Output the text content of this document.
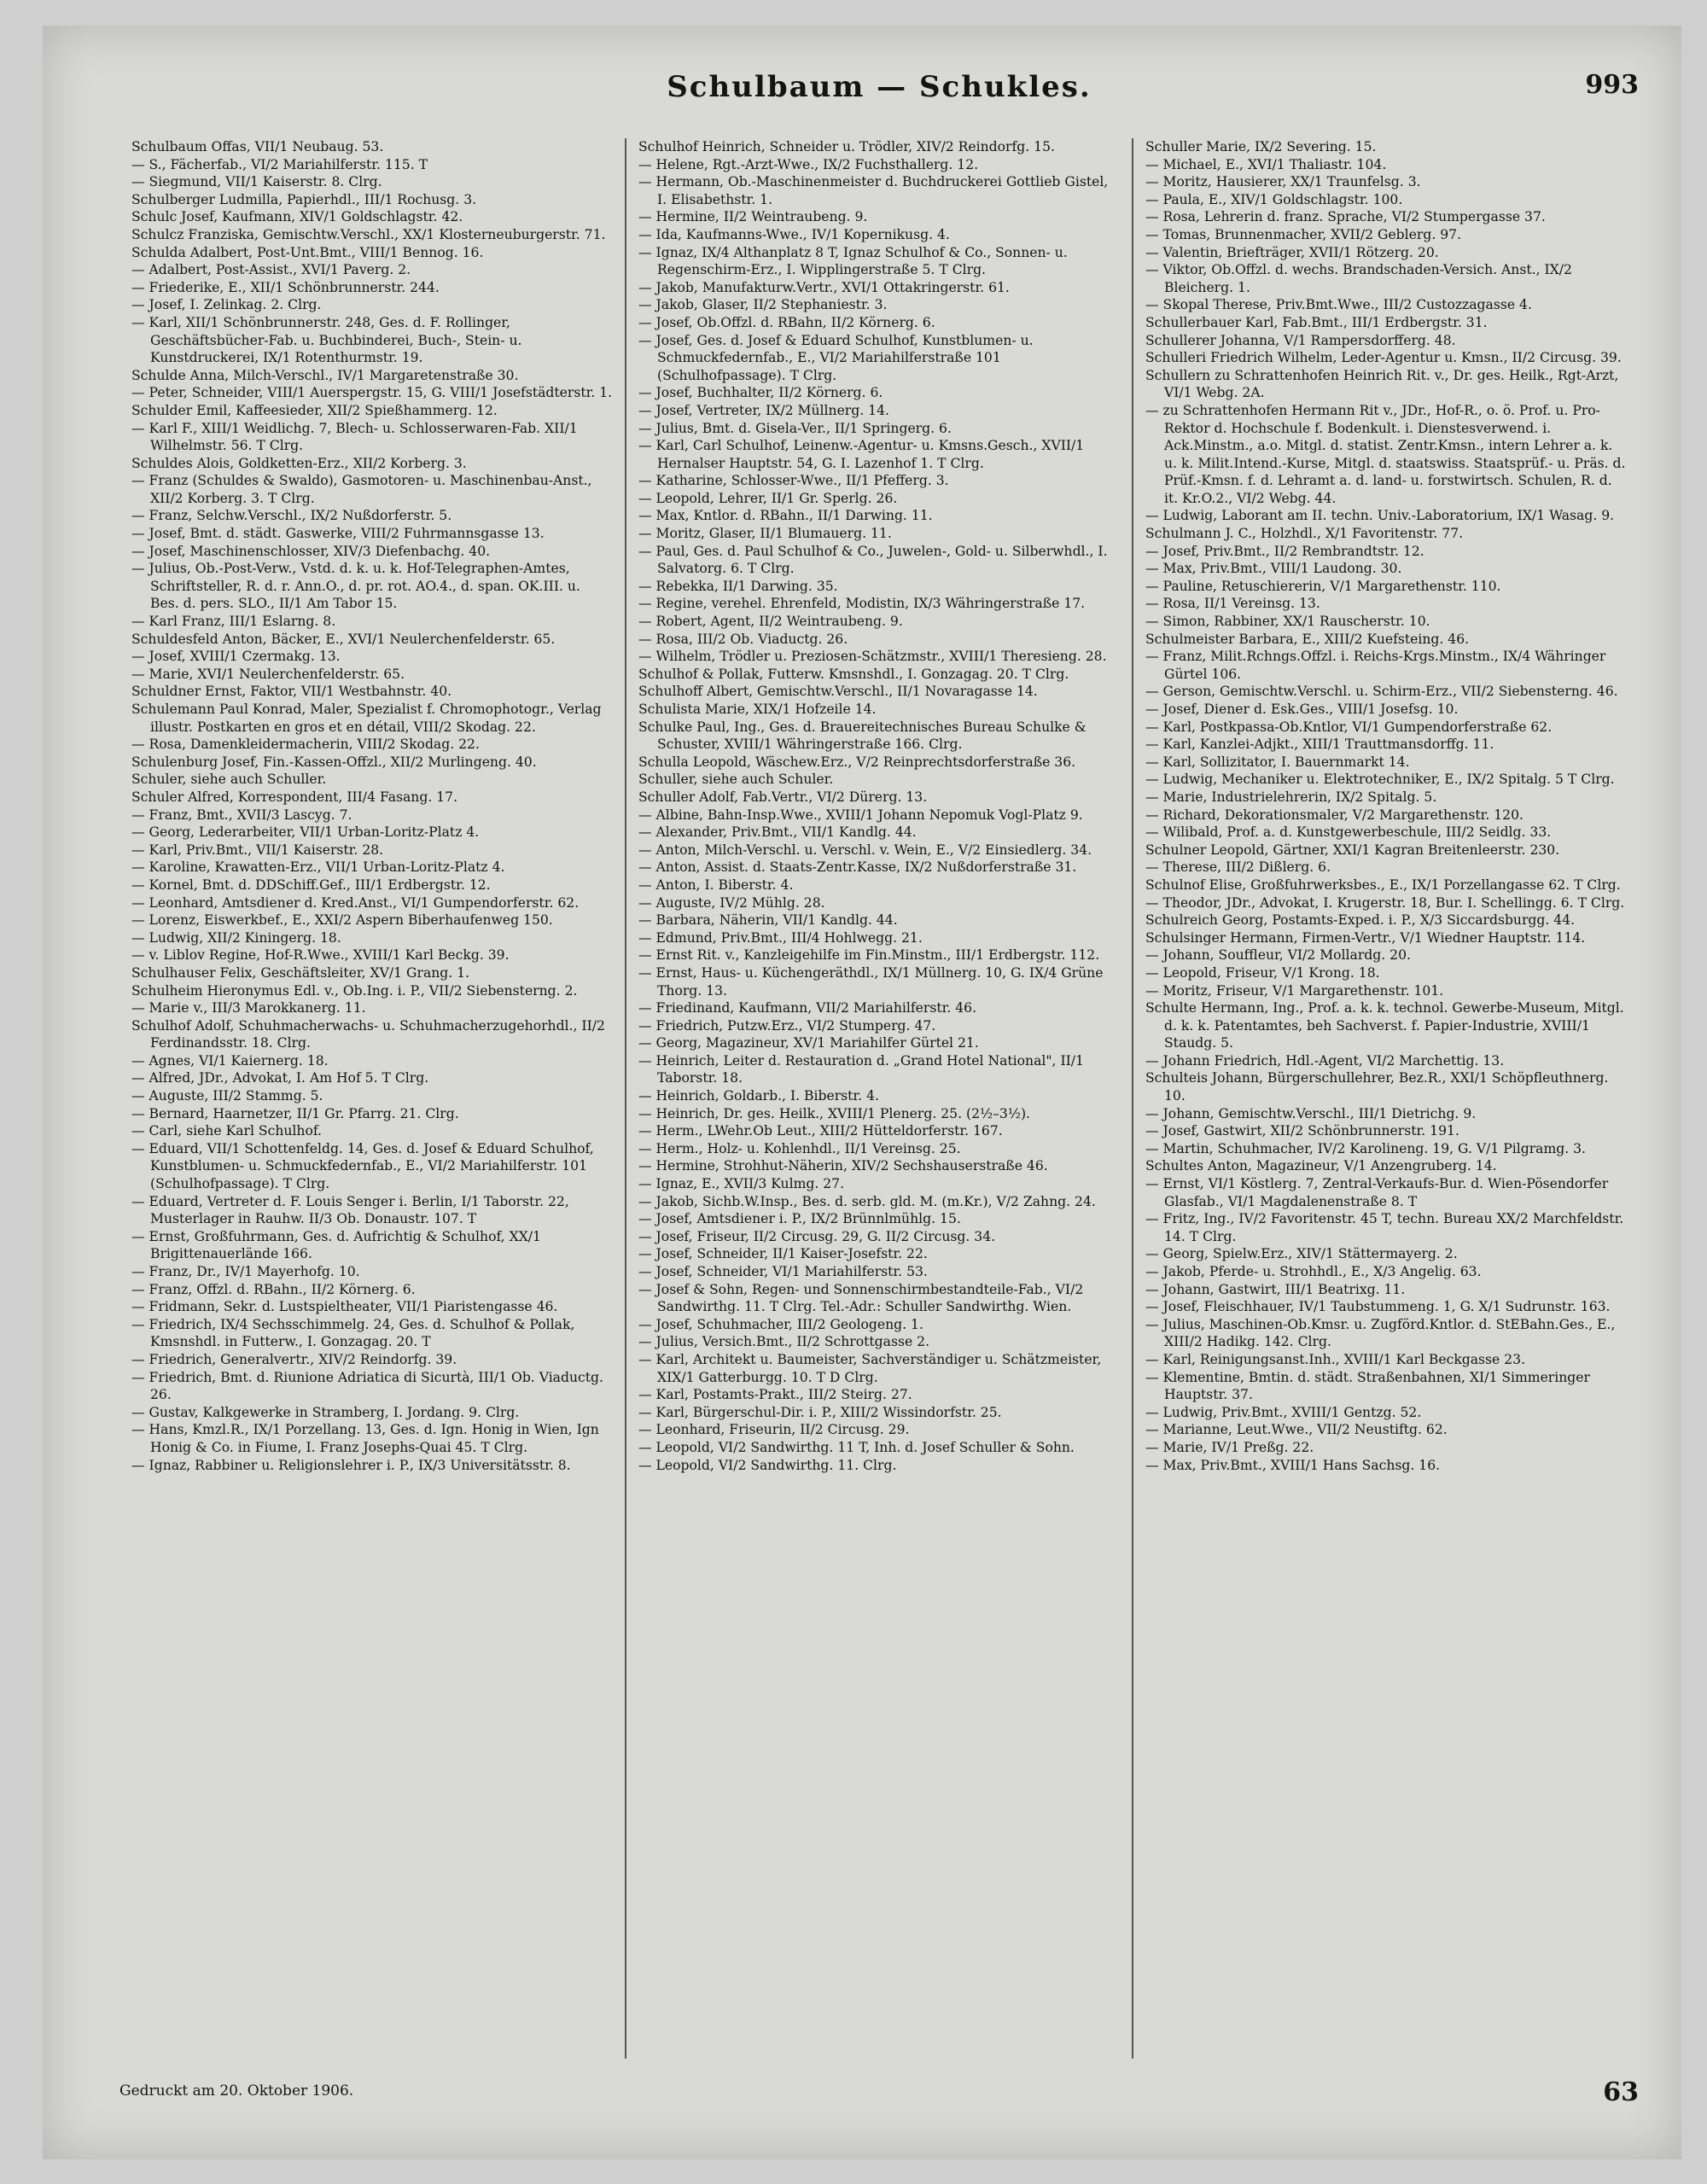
Schulbaum — Schukles.	993

Schulbaum Offas, VII/1 Neubaug. 53.

— S., Fächerfab., VI/2 Mariahilferstr. 115. T

— Siegmund, VII/1 Kaiserstr. 8. Clrg.

Schulberger Ludmilla, Papierhdl., III/1 Rochusg. 3.

Schulc Josef, Kaufmann, XIV/1 Goldschlagstr. 42.

Schulcz Franziska, Gemischtw.Verschl., XX/1 Klosterneuburgerstr. 71.

Schulda Adalbert, Post-Unt.Bmt., VIII/1 Bennog. 16.

— Adalbert, Post-Assist., XVI/1 Paverg. 2.

— Friederike, E., XII/1 Schönbrunnerstr. 244.

— Josef, I. Zelinkag. 2. Clrg.

— Karl, XII/1 Schönbrunnerstr. 248, Ges. d. F. Rollinger, Geschäftsbücher-Fab. u. Buchbinderei, Buch-, Stein- u. Kunstdruckerei, IX/1 Rotenthurmstr. 19.

Schulde Anna, Milch-Verschl., IV/1 Margaretenstraße 30.

— Peter, Schneider, VIII/1 Auerspergstr. 15, G. VIII/1 Josefstädterstr. 1.

Schulder Emil, Kaffeesieder, XII/2 Spießhammerg. 12.

— Karl F., XIII/1 Weidlichg. 7, Blech- u. Schlosserwaren-Fab. XII/1 Wilhelmstr. 56. T Clrg.

Schuldes Alois, Goldketten-Erz., XII/2 Korberg. 3.

— Franz (Schuldes & Swaldo), Gasmotoren- u. Maschinenbau-Anst., XII/2 Korberg. 3. T Clrg.

— Franz, Selchw.Verschl., IX/2 Nußdorferstr. 5.

— Josef, Bmt. d. städt. Gaswerke, VIII/2 Fuhrmannsgasse 13.

— Josef, Maschinenschlosser, XIV/3 Diefenbachg. 40.

— Julius, Ob.-Post-Verw., Vstd. d. k. u. k. Hof-Telegraphen-Amtes, Schriftsteller, R. d. r. Ann.O., d. pr. rot. AO.4., d. span. OK.III. u. Bes. d. pers. SLO., II/1 Am Tabor 15.

— Karl Franz, III/1 Eslarng. 8.

Schuldesfeld Anton, Bäcker, E., XVI/1 Neulerchenfelderstr. 65.

— Josef, XVIII/1 Czermakg. 13.

— Marie, XVI/1 Neulerchenfelderstr. 65.

Schuldner Ernst, Faktor, VII/1 Westbahnstr. 40.

Schulemann Paul Konrad, Maler, Spezialist f. Chromophotogr., Verlag illustr. Postkarten en gros et en détail, VIII/2 Skodag. 22.

— Rosa, Damenkleidermacherin, VIII/2 Skodag. 22.

Schulenburg Josef, Fin.-Kassen-Offzl., XII/2 Murlingeng. 40.

Schuler, siehe auch Schuller.

Schuler Alfred, Korrespondent, III/4 Fasang. 17.

— Franz, Bmt., XVII/3 Lascyg. 7.

— Georg, Lederarbeiter, VII/1 Urban-Loritz-Platz 4.

— Karl, Priv.Bmt., VII/1 Kaiserstr. 28.

— Karoline, Krawatten-Erz., VII/1 Urban-Loritz-Platz 4.

— Kornel, Bmt. d. DDSchiff.Gef., III/1 Erdbergstr. 12.

— Leonhard, Amtsdiener d. Kred.Anst., VI/1 Gumpendorferstr. 62.

— Lorenz, Eiswerkbef., E., XXI/2 Aspern Biberhaufenweg 150.

— Ludwig, XII/2 Kiningerg. 18.

— v. Liblov Regine, Hof-R.Wwe., XVIII/1 Karl Beckg. 39.

Schulhauser Felix, Geschäftsleiter, XV/1 Grang. 1.

Schulheim Hieronymus Edl. v., Ob.Ing. i. P., VII/2 Siebensterng. 2.

— Marie v., III/3 Marokkanerg. 11.

Schulhof Adolf, Schuhmacherwachs- u. Schuhmacherzugehorhdl., II/2 Ferdinandsstr. 18. Clrg.

— Agnes, VI/1 Kaiernerg. 18.

— Alfred, JDr., Advokat, I. Am Hof 5. T Clrg.

— Auguste, III/2 Stammg. 5.

— Bernard, Haarnetzer, II/1 Gr. Pfarrg. 21. Clrg.

— Carl, siehe Karl Schulhof.

— Eduard, VII/1 Schottenfeldg. 14, Ges. d. Josef & Eduard Schulhof, Kunstblumen- u. Schmuckfedernfab., E., VI/2 Mariahilferstr. 101 (Schulhofpassage). T Clrg.

— Eduard, Vertreter d. F. Louis Senger i. Berlin, I/1 Taborstr. 22, Musterlager in Rauhw. II/3 Ob. Donaustr. 107. T

— Ernst, Großfuhrmann, Ges. d. Aufrichtig & Schulhof, XX/1 Brigittenauerlände 166.

— Franz, Dr., IV/1 Mayerhofg. 10.

— Franz, Offzl. d. RBahn., II/2 Körnerg. 6.

— Fridmann, Sekr. d. Lustspieltheater, VII/1 Piaristengasse 46.

— Friedrich, IX/4 Sechsschimmelg. 24, Ges. d. Schulhof & Pollak, Kmsnshdl. in Futterw., I. Gonzagag. 20. T

— Friedrich, Generalvertr., XIV/2 Reindorfg. 39.

— Friedrich, Bmt. d. Riunione Adriatica di Sicurtà, III/1 Ob. Viaductg. 26.

— Gustav, Kalkgewerke in Stramberg, I. Jordang. 9. Clrg.

— Hans, Kmzl.R., IX/1 Porzellang. 13, Ges. d. Ign. Honig in Wien, Ign Honig & Co. in Fiume, I. Franz Josephs-Quai 45. T Clrg.

— Ignaz, Rabbiner u. Religionslehrer i. P., IX/3 Universitätsstr. 8.

Schulhof Heinrich, Schneider u. Trödler, XIV/2 Reindorfg. 15.

— Helene, Rgt.-Arzt-Wwe., IX/2 Fuchsthallerg. 12.

— Hermann, Ob.-Maschinenmeister d. Buchdruckerei Gottlieb Gistel, I. Elisabethstr. 1.

— Hermine, II/2 Weintraubeng. 9.

— Ida, Kaufmanns-Wwe., IV/1 Kopernikusg. 4.

— Ignaz, IX/4 Althanplatz 8 T, Ignaz Schulhof & Co., Sonnen- u. Regenschirm-Erz., I. Wipplingerstraße 5. T Clrg.

— Jakob, Manufakturw.Vertr., XVI/1 Ottakringerstr. 61.

— Jakob, Glaser, II/2 Stephaniestr. 3.

— Josef, Ob.Offzl. d. RBahn, II/2 Körnerg. 6.

— Josef, Ges. d. Josef & Eduard Schulhof, Kunstblumen- u. Schmuckfedernfab., E., VI/2 Mariahilferstraße 101 (Schulhofpassage). T Clrg.

— Josef, Buchhalter, II/2 Körnerg. 6.

— Josef, Vertreter, IX/2 Müllnerg. 14.

— Julius, Bmt. d. Gisela-Ver., II/1 Springerg. 6.

— Karl, Carl Schulhof, Leinenw.-Agentur- u. Kmsns.Gesch., XVII/1 Hernalser Hauptstr. 54, G. I. Lazenhof 1. T Clrg.

— Katharine, Schlosser-Wwe., II/1 Pfefferg. 3.

— Leopold, Lehrer, II/1 Gr. Sperlg. 26.

— Max, Kntlor. d. RBahn., II/1 Darwing. 11.

— Moritz, Glaser, II/1 Blumauerg. 11.

— Paul, Ges. d. Paul Schulhof & Co., Juwelen-, Gold- u. Silberwhdl., I. Salvatorg. 6. T Clrg.

— Rebekka, II/1 Darwing. 35.

— Regine, verehel. Ehrenfeld, Modistin, IX/3 Währingerstraße 17.

— Robert, Agent, II/2 Weintraubeng. 9.

— Rosa, III/2 Ob. Viaductg. 26.

— Wilhelm, Trödler u. Preziosen-Schätzmstr., XVIII/1 Theresieng. 28.

Schulhof & Pollak, Futterw. Kmsnshdl., I. Gonzagag. 20. T Clrg.

Schulhoff Albert, Gemischtw.Verschl., II/1 Novaragasse 14.

Schulista Marie, XIX/1 Hofzeile 14.

Schulke Paul, Ing., Ges. d. Brauereitechnisches Bureau Schulke & Schuster, XVIII/1 Währingerstraße 166. Clrg.

Schulla Leopold, Wäschew.Erz., V/2 Reinprechtsdorferstraße 36.

Schuller, siehe auch Schuler.

Schuller Adolf, Fab.Vertr., VI/2 Dürerg. 13.

— Albine, Bahn-Insp.Wwe., XVIII/1 Johann Nepomuk Vogl-Platz 9.

— Alexander, Priv.Bmt., VII/1 Kandlg. 44.

— Anton, Milch-Verschl. u. Verschl. v. Wein, E., V/2 Einsiedlerg. 34.

— Anton, Assist. d. Staats-Zentr.Kasse, IX/2 Nußdorferstraße 31.

— Anton, I. Biberstr. 4.

— Auguste, IV/2 Mühlg. 28.

— Barbara, Näherin, VII/1 Kandlg. 44.

— Edmund, Priv.Bmt., III/4 Hohlwegg. 21.

— Ernst Rit. v., Kanzleigehilfe im Fin.Minstm., III/1 Erdbergstr. 112.

— Ernst, Haus- u. Küchengeräthdl., IX/1 Müllnerg. 10, G. IX/4 Grüne Thorg. 13.

— Friedinand, Kaufmann, VII/2 Mariahilferstr. 46.

— Friedrich, Putzw.Erz., VI/2 Stumperg. 47.

— Georg, Magazineur, XV/1 Mariahilfer Gürtel 21.

— Heinrich, Leiter d. Restauration d. „Grand Hotel National", II/1 Taborstr. 18.

— Heinrich, Goldarb., I. Biberstr. 4.

— Heinrich, Dr. ges. Heilk., XVIII/1 Plenerg. 25. (2½–3½).

— Herm., LWehr.Ob Leut., XIII/2 Hütteldorferstr. 167.

— Herm., Holz- u. Kohlenhdl., II/1 Vereinsg. 25.

— Hermine, Strohhut-Näherin, XIV/2 Sechshauserstraße 46.

— Ignaz, E., XVII/3 Kulmg. 27.

— Jakob, Sichb.W.Insp., Bes. d. serb. gld. M. (m.Kr.), V/2 Zahng. 24.

— Josef, Amtsdiener i. P., IX/2 Brünnlmühlg. 15.

— Josef, Friseur, II/2 Circusg. 29, G. II/2 Circusg. 34.

— Josef, Schneider, II/1 Kaiser-Josefstr. 22.

— Josef, Schneider, VI/1 Mariahilferstr. 53.

— Josef & Sohn, Regen- und Sonnenschirmbestandteile-Fab., VI/2 Sandwirthg. 11. T Clrg. Tel.-Adr.: Schuller Sandwirthg. Wien.

— Josef, Schuhmacher, III/2 Geologeng. 1.

— Julius, Versich.Bmt., II/2 Schrottgasse 2.

— Karl, Architekt u. Baumeister, Sachverständiger u. Schätzmeister, XIX/1 Gatterburgg. 10. T D Clrg.

— Karl, Postamts-Prakt., III/2 Steirg. 27.

— Karl, Bürgerschul-Dir. i. P., XIII/2 Wissindorfstr. 25.

— Leonhard, Friseurin, II/2 Circusg. 29.

— Leopold, VI/2 Sandwirthg. 11 T, Inh. d. Josef Schuller & Sohn.

— Leopold, VI/2 Sandwirthg. 11. Clrg.

Schuller Marie, IX/2 Severing. 15.

— Michael, E., XVI/1 Thaliastr. 104.

— Moritz, Hausierer, XX/1 Traunfelsg. 3.

— Paula, E., XIV/1 Goldschlagstr. 100.

— Rosa, Lehrerin d. franz. Sprache, VI/2 Stumpergasse 37.

— Tomas, Brunnenmacher, XVII/2 Geblerg. 97.

— Valentin, Briefträger, XVII/1 Rötzerg. 20.

— Viktor, Ob.Offzl. d. wechs. Brandschaden-Versich. Anst., IX/2 Bleicherg. 1.

— Skopal Therese, Priv.Bmt.Wwe., III/2 Custozzagasse 4.

Schullerbauer Karl, Fab.Bmt., III/1 Erdbergstr. 31.

Schullerer Johanna, V/1 Rampersdorfferg. 48.

Schulleri Friedrich Wilhelm, Leder-Agentur u. Kmsn., II/2 Circusg. 39.

Schullern zu Schrattenhofen Heinrich Rit. v., Dr. ges. Heilk., Rgt-Arzt, VI/1 Webg. 2A.

— zu Schrattenhofen Hermann Rit v., JDr., Hof-R., o. ö. Prof. u. Pro-Rektor d. Hochschule f. Bodenkult. i. Dienstesverwend. i. Ack.Minstm., a.o. Mitgl. d. statist. Zentr.Kmsn., intern Lehrer a. k. u. k. Milit.Intend.-Kurse, Mitgl. d. staatswiss. Staatsprüf.- u. Präs. d. Prüf.-Kmsn. f. d. Lehramt a. d. land- u. forstwirtsch. Schulen, R. d. it. Kr.O.2., VI/2 Webg. 44.

— Ludwig, Laborant am II. techn. Univ.-Laboratorium, IX/1 Wasag. 9.

Schulmann J. C., Holzhdl., X/1 Favoritenstr. 77.

— Josef, Priv.Bmt., II/2 Rembrandtstr. 12.

— Max, Priv.Bmt., VIII/1 Laudong. 30.

— Pauline, Retuschiererin, V/1 Margarethenstr. 110.

— Rosa, II/1 Vereinsg. 13.

— Simon, Rabbiner, XX/1 Rauscherstr. 10.

Schulmeister Barbara, E., XIII/2 Kuefsteing. 46.

— Franz, Milit.Rchngs.Offzl. i. Reichs-Krgs.Minstm., IX/4 Währinger Gürtel 106.

— Gerson, Gemischtw.Verschl. u. Schirm-Erz., VII/2 Siebensterng. 46.

— Josef, Diener d. Esk.Ges., VIII/1 Josefsg. 10.

— Karl, Postkpassa-Ob.Kntlor, VI/1 Gumpendorferstraße 62.

— Karl, Kanzlei-Adjkt., XIII/1 Trauttmansdorffg. 11.

— Karl, Sollizitator, I. Bauernmarkt 14.

— Ludwig, Mechaniker u. Elektrotechniker, E., IX/2 Spitalg. 5 T Clrg.

— Marie, Industrielehrerin, IX/2 Spitalg. 5.

— Richard, Dekorationsmaler, V/2 Margarethenstr. 120.

— Wilibald, Prof. a. d. Kunstgewerbeschule, III/2 Seidlg. 33.

Schulner Leopold, Gärtner, XXI/1 Kagran Breitenleerstr. 230.

— Therese, III/2 Dißlerg. 6.

Schulnof Elise, Großfuhrwerksbes., E., IX/1 Porzellangasse 62. T Clrg.

— Theodor, JDr., Advokat, I. Krugerstr. 18, Bur. I. Schellingg. 6. T Clrg.

Schulreich Georg, Postamts-Exped. i. P., X/3 Siccardsburgg. 44.

Schulsinger Hermann, Firmen-Vertr., V/1 Wiedner Hauptstr. 114.

— Johann, Souffleur, VI/2 Mollardg. 20.

— Leopold, Friseur, V/1 Krong. 18.

— Moritz, Friseur, V/1 Margarethenstr. 101.

Schulte Hermann, Ing., Prof. a. k. k. technol. Gewerbe-Museum, Mitgl. d. k. k. Patentamtes, beh Sachverst. f. Papier-Industrie, XVIII/1 Staudg. 5.

— Johann Friedrich, Hdl.-Agent, VI/2 Marchettig. 13.

Schulteis Johann, Bürgerschullehrer, Bez.R., XXI/1 Schöpfleuthnerg. 10.

— Johann, Gemischtw.Verschl., III/1 Dietrichg. 9.

— Josef, Gastwirt, XII/2 Schönbrunnerstr. 191.

— Martin, Schuhmacher, IV/2 Karolineng. 19, G. V/1 Pilgramg. 3.

Schultes Anton, Magazineur, V/1 Anzengruberg. 14.

— Ernst, VI/1 Köstlerg. 7, Zentral-Verkaufs-Bur. d. Wien-Pösendorfer Glasfab., VI/1 Magdalenenstraße 8. T

— Fritz, Ing., IV/2 Favoritenstr. 45 T, techn. Bureau XX/2 Marchfeldstr. 14. T Clrg.

— Georg, Spielw.Erz., XIV/1 Stättermayerg. 2.

— Jakob, Pferde- u. Strohhdl., E., X/3 Angelig. 63.

— Johann, Gastwirt, III/1 Beatrixg. 11.

— Josef, Fleischhauer, IV/1 Taubstummeng. 1, G. X/1 Sudrunstr. 163.

— Julius, Maschinen-Ob.Kmsr. u. Zugförd.Kntlor. d. StEBahn.Ges., E., XIII/2 Hadikg. 142. Clrg.

— Karl, Reinigungsanst.Inh., XVIII/1 Karl Beckgasse 23.

— Klementine, Bmtin. d. städt. Straßenbahnen, XI/1 Simmeringer Hauptstr. 37.

— Ludwig, Priv.Bmt., XVIII/1 Gentzg. 52.

— Marianne, Leut.Wwe., VII/2 Neustiftg. 62.

— Marie, IV/1 Preßg. 22.

— Max, Priv.Bmt., XVIII/1 Hans Sachsg. 16.

Gedruckt am 20. Oktober 1906.	63
